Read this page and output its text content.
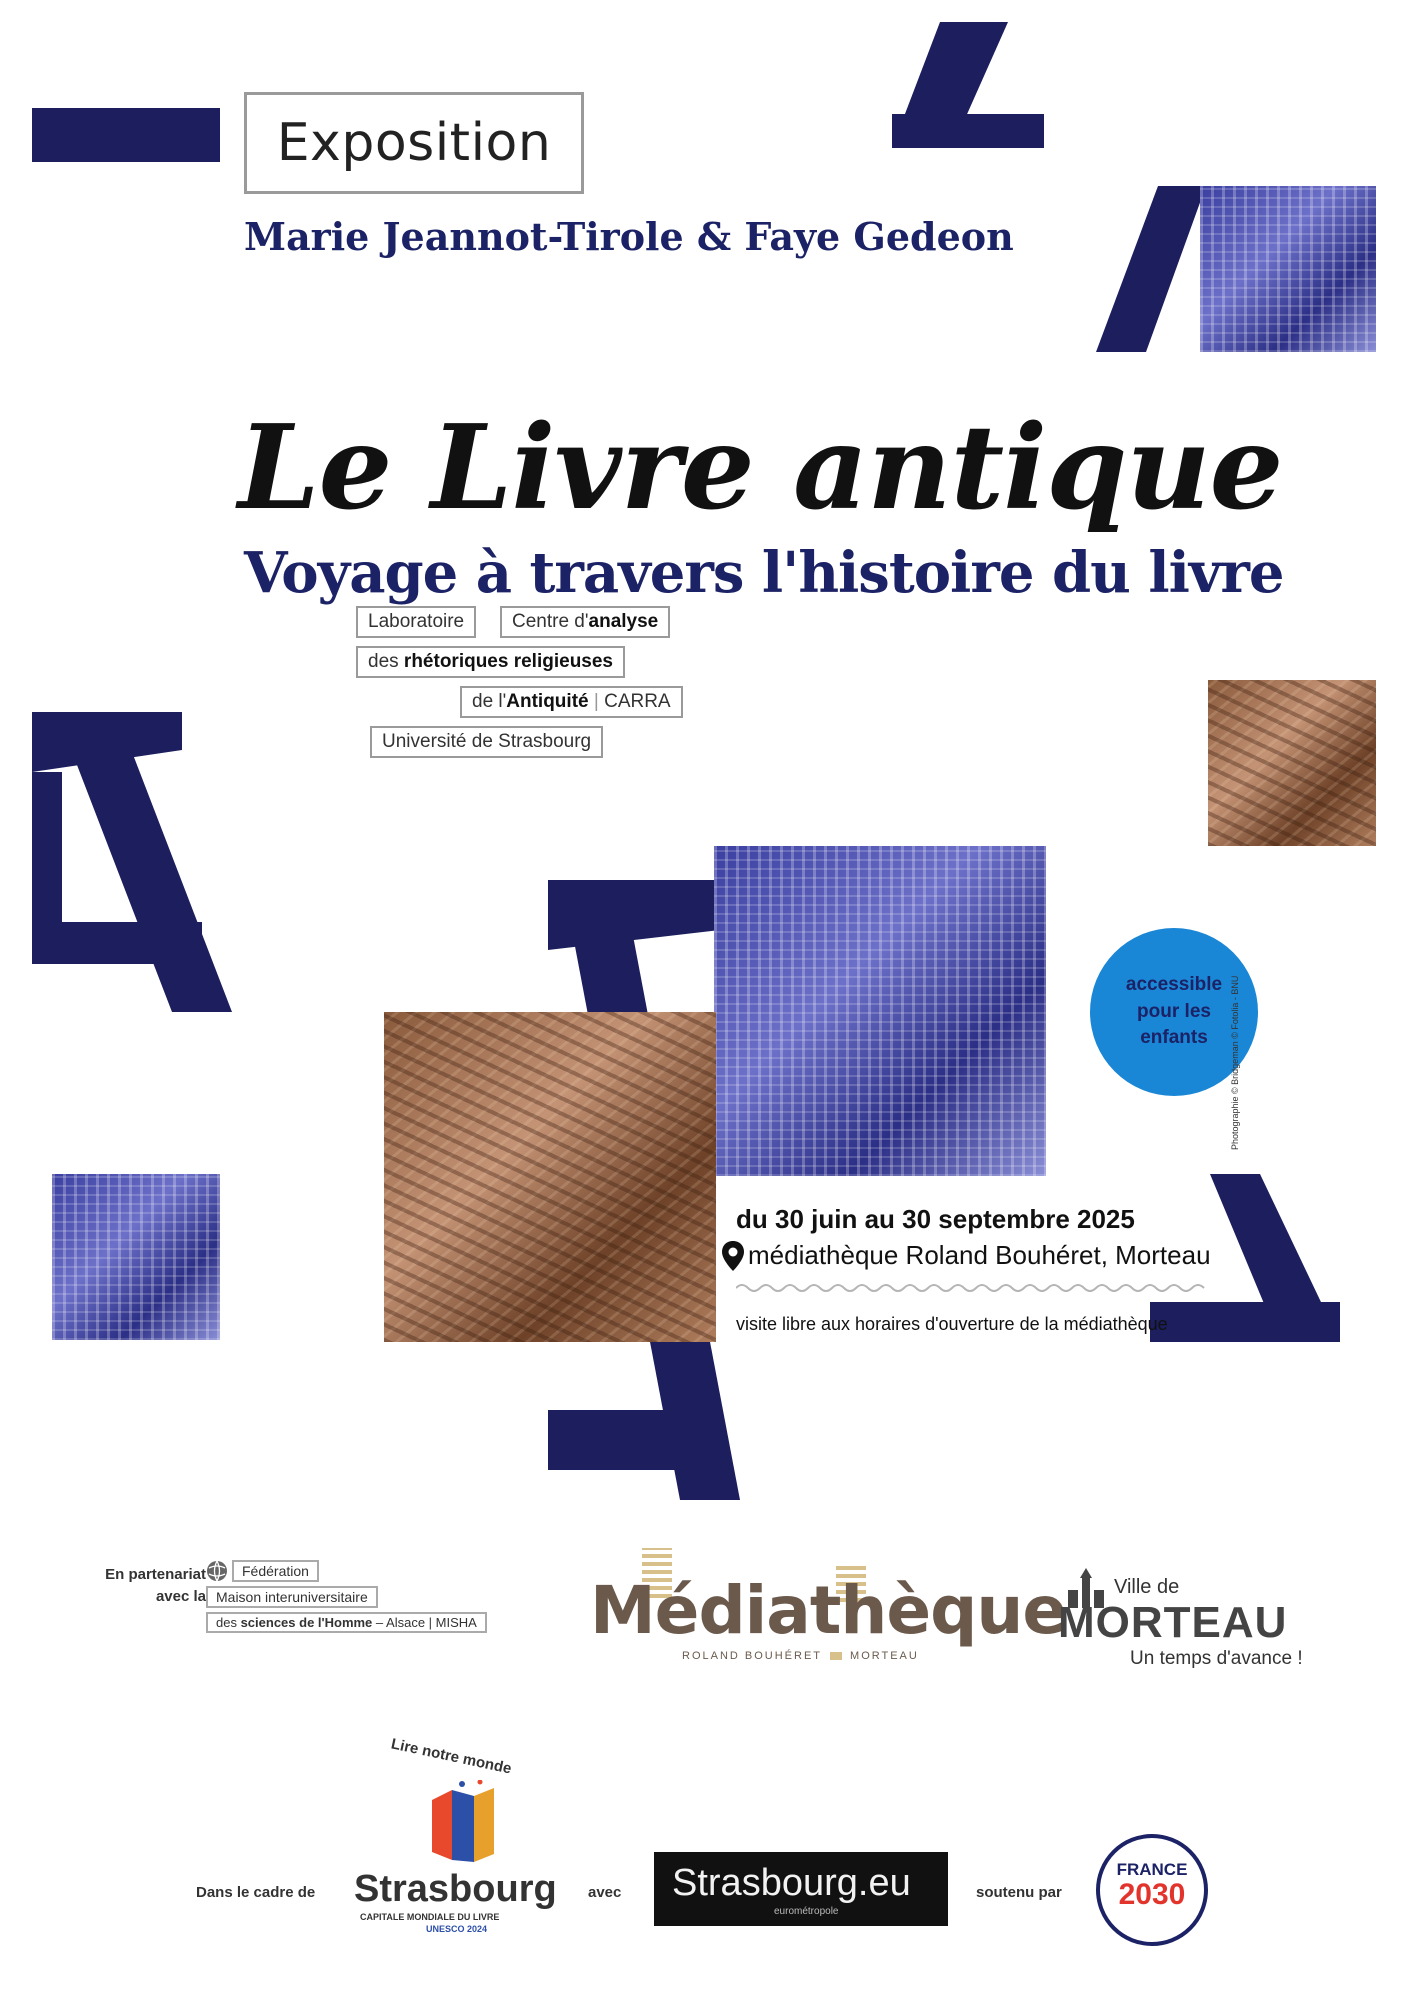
Exposition
Marie Jeannot-Tirole & Faye Gedeon
Le Livre antique
Voyage à travers l'histoire du livre
Laboratoire	Centre d'analyse
des rhétoriques religieuses
de l'Antiquité | CARRA
Université de Strasbourg
accessible pour les enfants	Photographie © Bridgeman © Fotolia - BNU
du 30 juin au 30 septembre 2025
médiathèque Roland Bouhéret, Morteau
visite libre aux horaires d'ouverture de la médiathèque
En partenariat avec la
Fédération
Maison interuniversitaire des sciences de l'Homme – Alsace | MISHA	Médiathèque
ROLAND BOUHÉRET	MORTEAU
Ville de
MORTEAU
Un temps d'avance !
Dans le cadre de
Lire notre monde
Strasbourg
CAPITALE MONDIALE DU LIVRE
UNESCO 2024
avec Strasbourg.eu
eurométropole
soutenu par
FRANCE
2030
